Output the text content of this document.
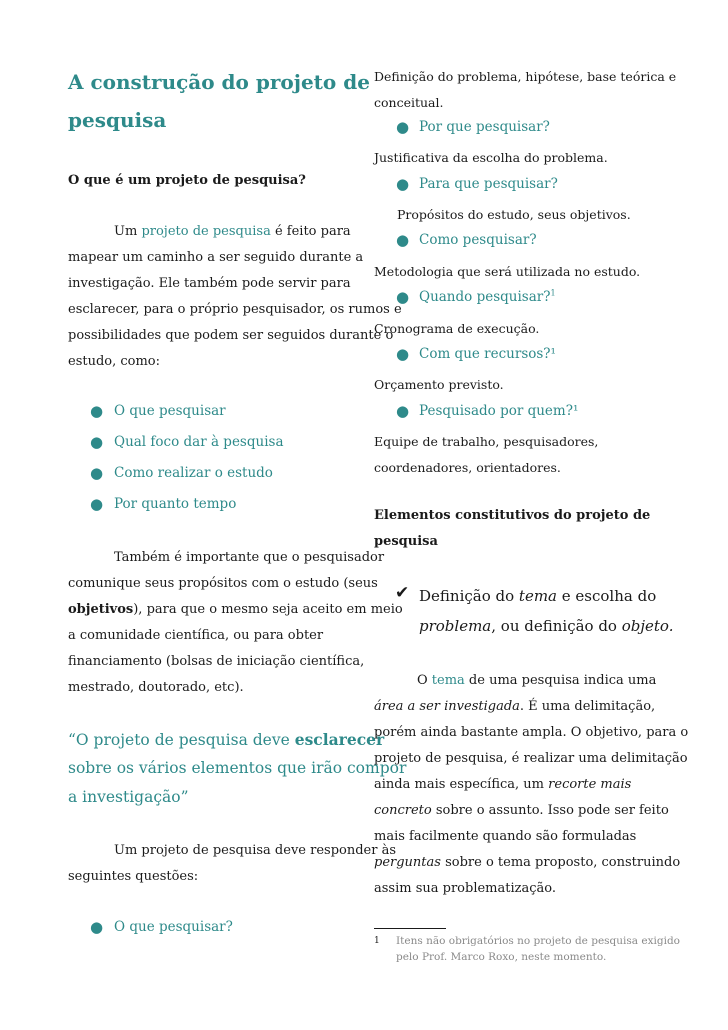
A construção do projeto de
pesquisa
O que é um projeto de pesquisa?
Um projeto de pesquisa é feito para
mapear um caminho a ser seguido durante a
investigação. Ele também pode servir para
esclarecer, para o próprio pesquisador, os rumos e
possibilidades que podem ser seguidos durante o
estudo, como:
● O que pesquisar
● Qual foco dar à pesquisa
● Como realizar o estudo
● Por quanto tempo
Também é importante que o pesquisador
comunique seus propósitos com o estudo (seus
objetivos), para que o mesmo seja aceito em meio
a comunidade científica, ou para obter
financiamento (bolsas de iniciação científica,
mestrado, doutorado, etc).
“O projeto de pesquisa deve esclarecer
sobre os vários elementos que irão compor
a investigação”
Um projeto de pesquisa deve responder às
seguintes questões:
● O que pesquisar?
Definição do problema, hipótese, base teórica e
conceitual.
● Por que pesquisar?
Justificativa da escolha do problema.
● Para que pesquisar?
Propósitos do estudo, seus objetivos.
● Como pesquisar?
Metodologia que será utilizada no estudo.
● Quando pesquisar?$^1$
Cronograma de execução.
● Com que recursos?¹
Orçamento previsto.
● Pesquisado por quem?¹
Equipe de trabalho, pesquisadores,
coordenadores, orientadores.
Elementos constitutivos do projeto de
pesquisa
✔ Definição do tema e escolha do
problema, ou definição do objeto.
O tema de uma pesquisa indica uma
área a ser investigada. É uma delimitação,
porém ainda bastante ampla. O objetivo, para o
projeto de pesquisa, é realizar uma delimitação
ainda mais específica, um recorte mais
concreto sobre o assunto. Isso pode ser feito
mais facilmente quando são formuladas
perguntas sobre o tema proposto, construindo
assim sua problematização.
1 Itens não obrigatórios no projeto de pesquisa exigido
pelo Prof. Marco Roxo, neste momento.
